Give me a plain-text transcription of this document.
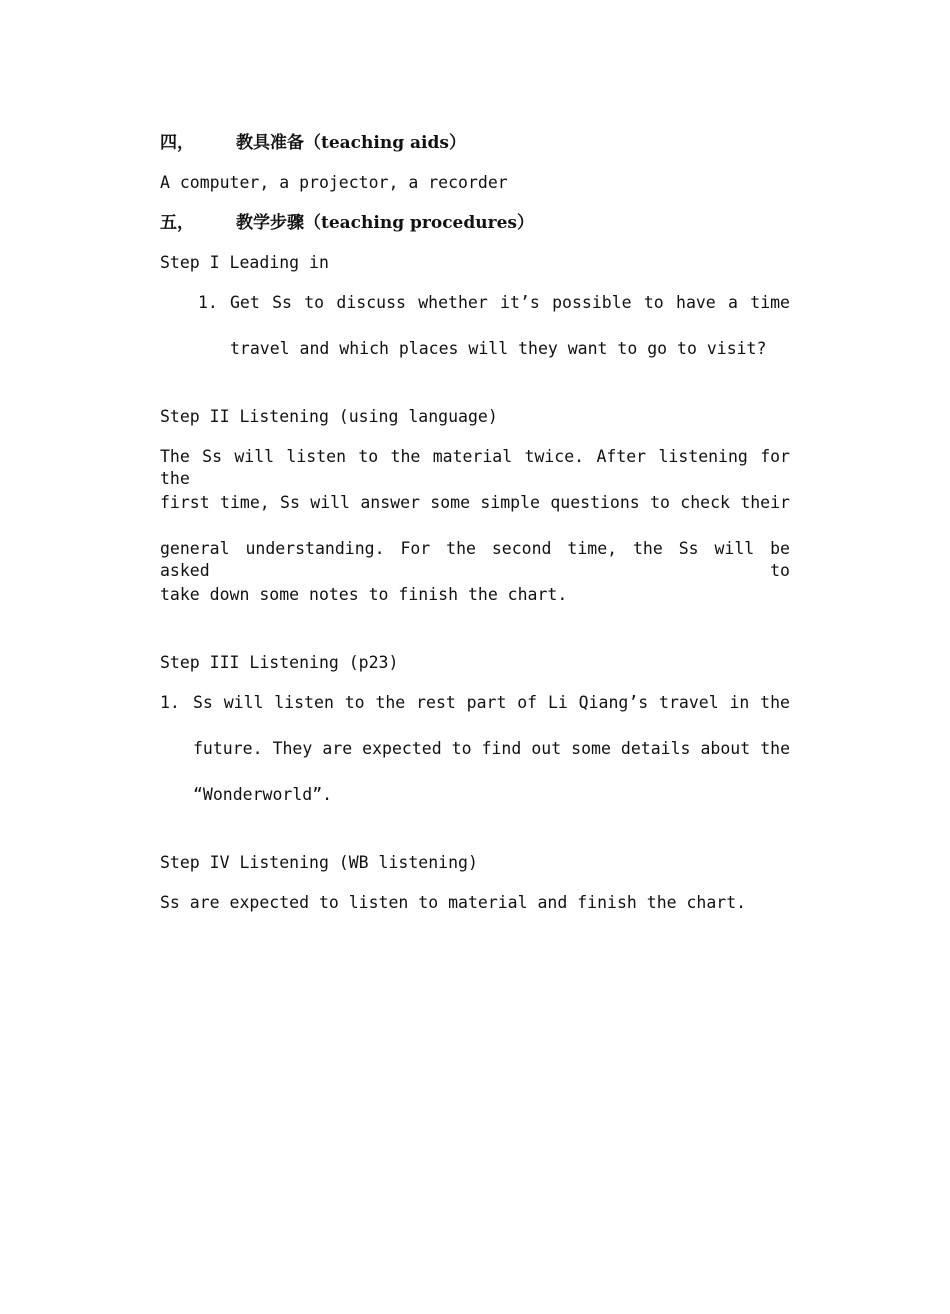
四， 教具准备（teaching aids）
A computer, a projector, a recorder
五， 教学步骤（teaching procedures）
Step I Leading in
1. Get Ss to discuss whether it’s possible to have a time
travel and which places will they want to go to visit?
Step II Listening (using language)
The Ss will listen to the material twice. After listening for the
first time, Ss will answer some simple questions to check their
general understanding. For the second time, the Ss will be asked to
take down some notes to finish the chart.
Step III Listening (p23)
1. Ss will listen to the rest part of Li Qiang’s travel in the
future. They are expected to find out some details about the
“Wonderworld”.
Step IV Listening (WB listening)
Ss are expected to listen to material and finish the chart.
